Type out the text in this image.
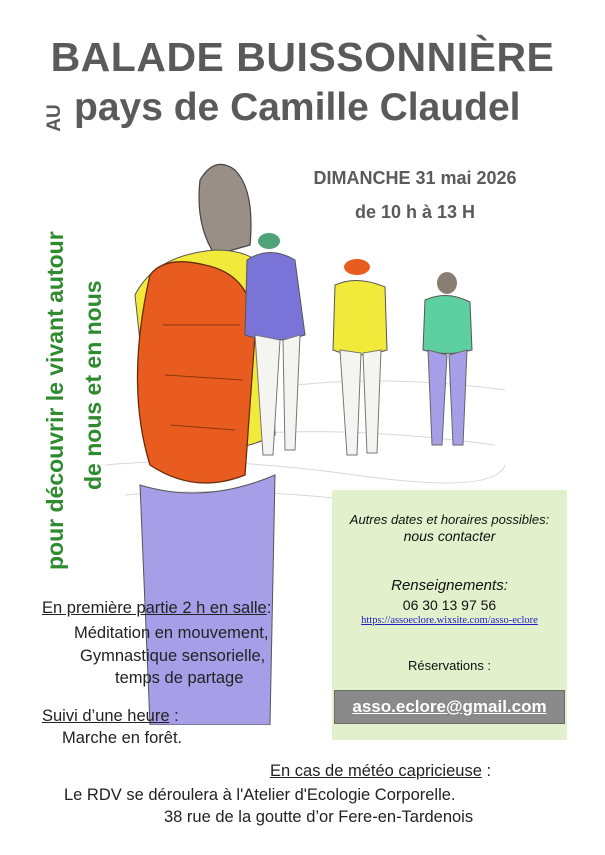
BALADE BUISSONNIÈRE
AU pays de Camille Claudel
DIMANCHE 31 mai 2026
de 10 h à 13 H
pour découvrir le vivant autour de nous et en nous
Autres dates et horaires possibles:
nous contacter
Renseignements:
06 30 13 97 56
https://assoeclore.wixsite.com/asso-eclore
Réservations :
asso.eclore@gmail.com
En première partie 2 h en salle:
Méditation en mouvement,
Gymnastique sensorielle,
temps de partage
Suivi d’une heure :
Marche en forêt.
En cas de météo capricieuse :
Le RDV se déroulera à l'Atelier d'Ecologie Corporelle.
38 rue de la goutte d’or Fere-en-Tardenois
